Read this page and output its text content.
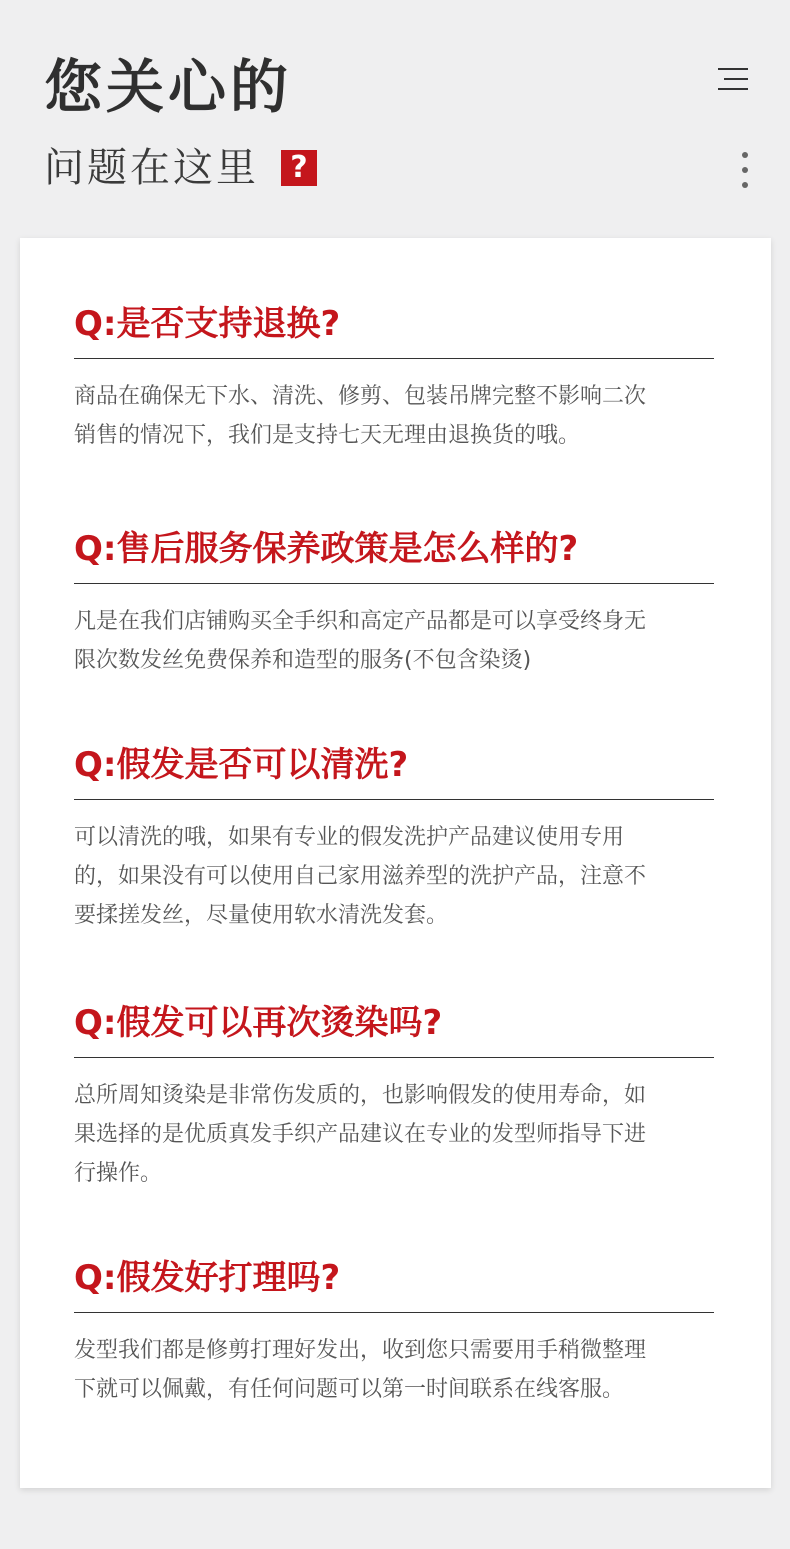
您关心的
问题在这里	?
Q:是否支持退换?
商品在确保无下水、清洗、修剪、包装吊牌完整不影响二次销售的情况下，我们是支持七天无理由退换货的哦。
Q:售后服务保养政策是怎么样的?
凡是在我们店铺购买全手织和高定产品都是可以享受终身无限次数发丝免费保养和造型的服务(不包含染烫)
Q:假发是否可以清洗?
可以清洗的哦，如果有专业的假发洗护产品建议使用专用的，如果没有可以使用自己家用滋养型的洗护产品，注意不要揉搓发丝，尽量使用软水清洗发套。
Q:假发可以再次烫染吗?
总所周知烫染是非常伤发质的，也影响假发的使用寿命，如果选择的是优质真发手织产品建议在专业的发型师指导下进行操作。
Q:假发好打理吗?
发型我们都是修剪打理好发出，收到您只需要用手稍微整理下就可以佩戴，有任何问题可以第一时间联系在线客服。
